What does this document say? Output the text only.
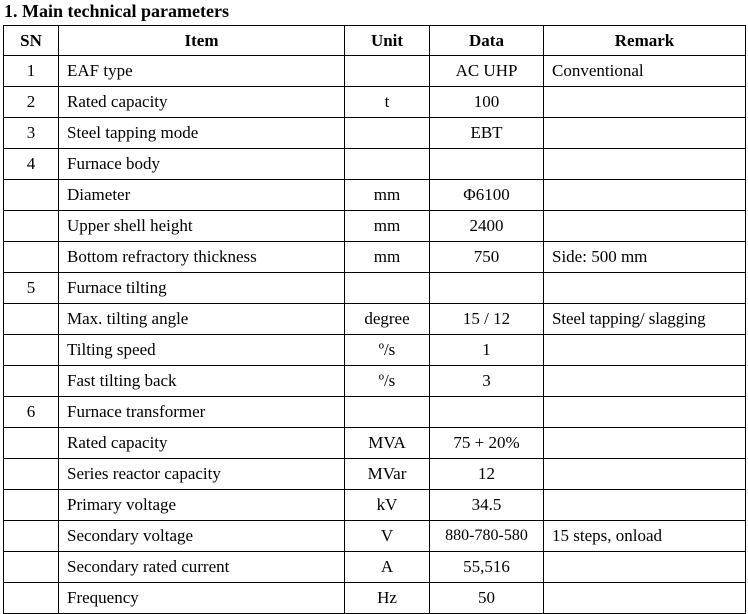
1. Main technical parameters
SN	Item	Unit	Data	Remark
1	EAF type		AC UHP	Conventional
2	Rated capacity	t	100	
3	Steel tapping mode		EBT	
4	Furnace body			
	Diameter	mm	Φ6100	
	Upper shell height	mm	2400	
	Bottom refractory thickness	mm	750	Side: 500 mm
5	Furnace tilting			
	Max. tilting angle	degree	15 / 12	Steel tapping/ slagging
	Tilting speed	º/s	1	
	Fast tilting back	º/s	3	
6	Furnace transformer			
	Rated capacity	MVA	75 + 20%	
	Series reactor capacity	MVar	12	
	Primary voltage	kV	34.5	
	Secondary voltage	V	880-780-580	15 steps, onload
	Secondary rated current	A	55,516	
	Frequency	Hz	50	
